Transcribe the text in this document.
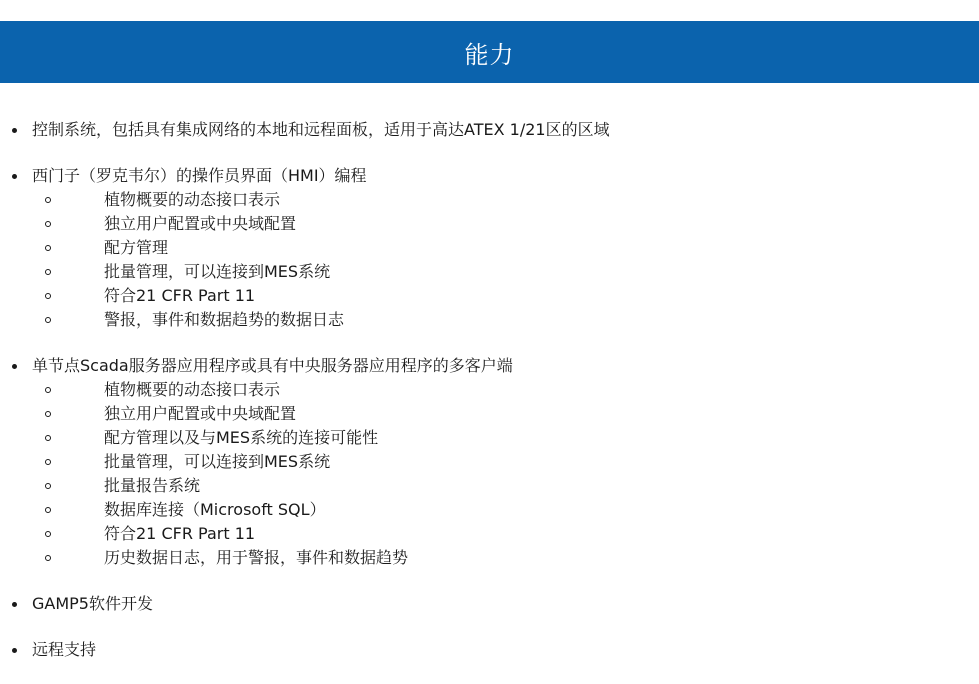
能力
控制系统，包括具有集成网络的本地和远程面板，适用于高达ATEX 1/21区的区域
西门子（罗克韦尔）的操作员界面（HMI）编程
植物概要的动态接口表示
独立用户配置或中央域配置
配方管理
批量管理，可以连接到MES系统
符合21 CFR Part 11
警报，事件和数据趋势的数据日志
单节点Scada服务器应用程序或具有中央服务器应用程序的多客户端
植物概要的动态接口表示
独立用户配置或中央域配置
配方管理以及与MES系统的连接可能性
批量管理，可以连接到MES系统
批量报告系统
数据库连接（Microsoft SQL）
符合21 CFR Part 11
历史数据日志，用于警报，事件和数据趋势
GAMP5软件开发
远程支持
